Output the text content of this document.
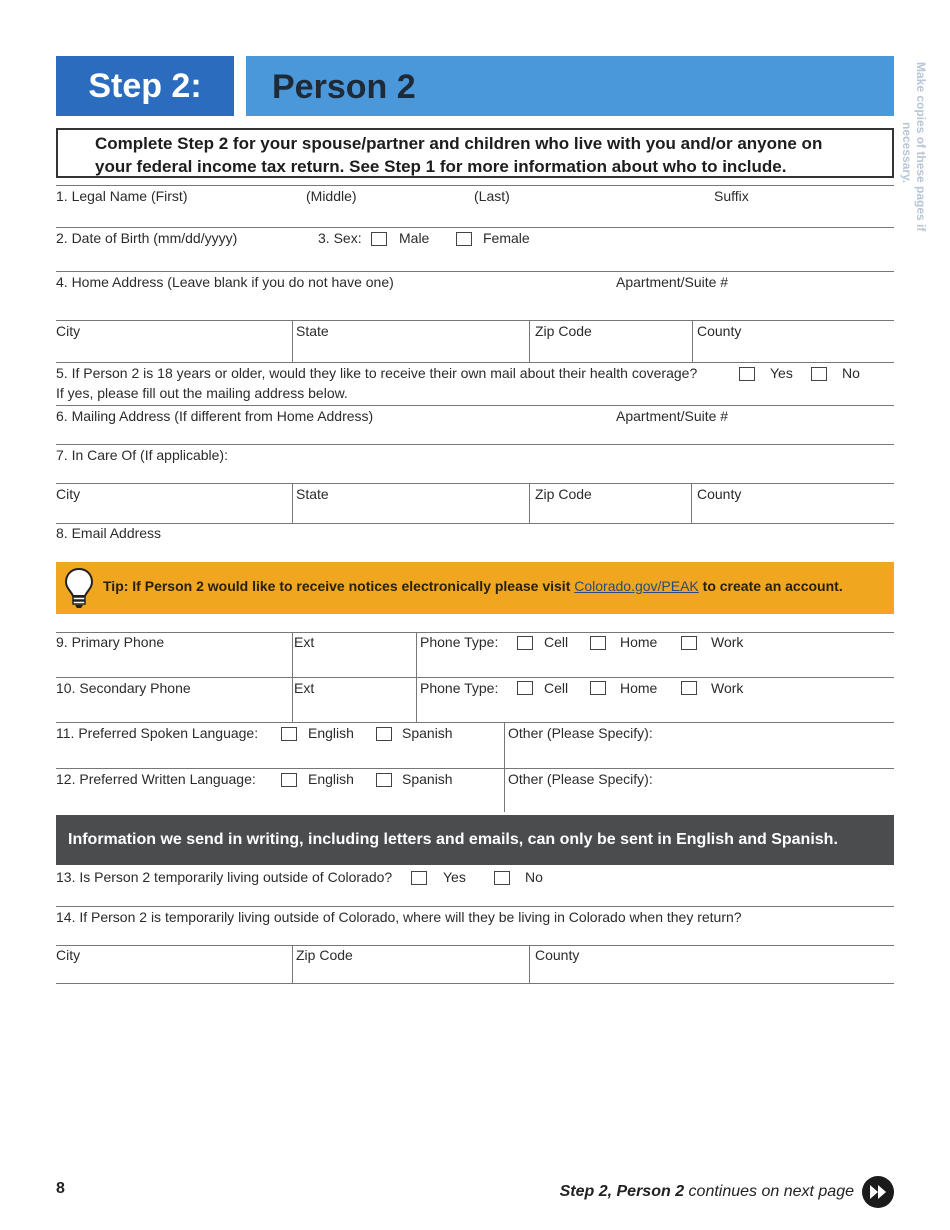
Step 2:	Person 2	Make copies of these pages if
necessary.
Complete Step 2 for your spouse/partner and children who live with you and/or anyone on
your federal income tax return. See Step 1 for more information about who to include.
1. Legal Name (First)	(Middle)	(Last)	Suffix
2. Date of Birth (mm/dd/yyyy)	3. Sex:	Male	Female
4. Home Address (Leave blank if you do not have one)	Apartment/Suite #
City	State	Zip Code	County
5. If Person 2 is 18 years or older, would they like to receive their own mail about their health coverage?	Yes	No
If yes, please fill out the mailing address below.
6. Mailing Address (If different from Home Address)	Apartment/Suite #
7. In Care Of (If applicable):
City	State	Zip Code	County
8. Email Address
Tip: If Person 2 would like to receive notices electronically please visit Colorado.gov/PEAK to create an account.
9. Primary Phone	Ext	Phone Type:	Cell	Home	Work
10. Secondary Phone	Ext	Phone Type:	Cell	Home	Work
11. Preferred Spoken Language:	English	Spanish	Other (Please Specify):
12. Preferred Written Language:	English	Spanish	Other (Please Specify):
Information we send in writing, including letters and emails, can only be sent in English and Spanish.
13. Is Person 2 temporarily living outside of Colorado?	Yes	No
14. If Person 2 is temporarily living outside of Colorado, where will they be living in Colorado when they return?
City	Zip Code	County
8	Step 2, Person 2 continues on next page
